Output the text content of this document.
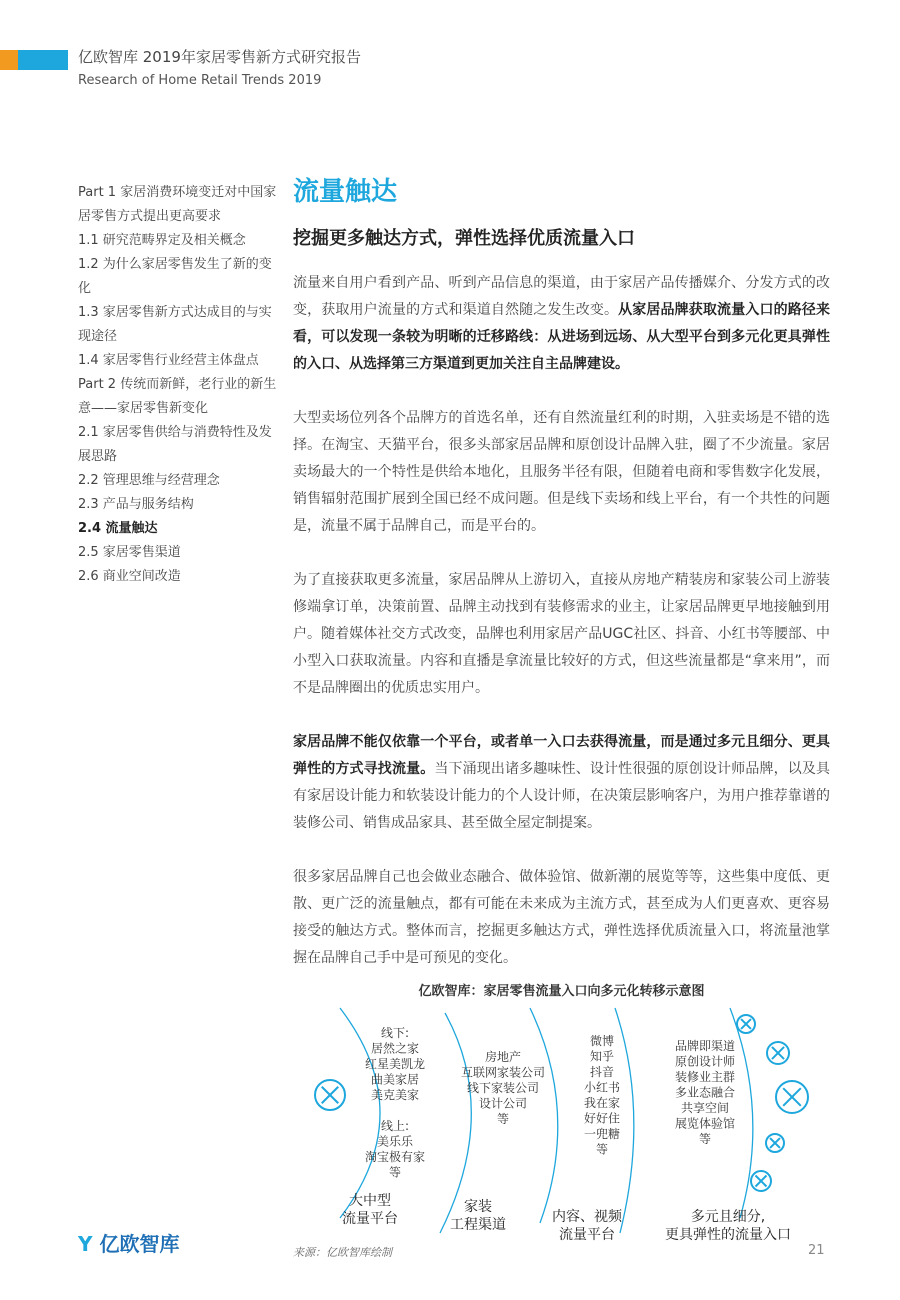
亿欧智库 2019年家居零售新方式研究报告
Research of Home Retail Trends 2019
Part 1 家居消费环境变迁对中国家居零售方式提出更高要求
1.1 研究范畴界定及相关概念
1.2 为什么家居零售发生了新的变化
1.3 家居零售新方式达成目的与实现途径
1.4 家居零售行业经营主体盘点
Part 2 传统而新鲜，老行业的新生意——家居零售新变化
2.1 家居零售供给与消费特性及发展思路
2.2 管理思维与经营理念
2.3 产品与服务结构
2.4 流量触达
2.5 家居零售渠道
2.6 商业空间改造
流量触达
挖掘更多触达方式，弹性选择优质流量入口

流量来自用户看到产品、听到产品信息的渠道，由于家居产品传播媒介、分发方式的改变，获取用户流量的方式和渠道自然随之发生改变。从家居品牌获取流量入口的路径来看，可以发现一条较为明晰的迁移路线：从进场到远场、从大型平台到多元化更具弹性的入口、从选择第三方渠道到更加关注自主品牌建设。

大型卖场位列各个品牌方的首选名单，还有自然流量红利的时期，入驻卖场是不错的选择。在淘宝、天猫平台，很多头部家居品牌和原创设计品牌入驻，圈了不少流量。家居卖场最大的一个特性是供给本地化，且服务半径有限，但随着电商和零售数字化发展，销售辐射范围扩展到全国已经不成问题。但是线下卖场和线上平台，有一个共性的问题是，流量不属于品牌自己，而是平台的。

为了直接获取更多流量，家居品牌从上游切入，直接从房地产精装房和家装公司上游装修端拿订单，决策前置、品牌主动找到有装修需求的业主，让家居品牌更早地接触到用户。随着媒体社交方式改变，品牌也利用家居产品UGC社区、抖音、小红书等腰部、中小型入口获取流量。内容和直播是拿流量比较好的方式，但这些流量都是“拿来用”，而不是品牌圈出的优质忠实用户。

家居品牌不能仅依靠一个平台，或者单一入口去获得流量，而是通过多元且细分、更具弹性的方式寻找流量。当下涌现出诸多趣味性、设计性很强的原创设计师品牌，以及具有家居设计能力和软装设计能力的个人设计师，在决策层影响客户，为用户推荐靠谱的装修公司、销售成品家具、甚至做全屋定制提案。

很多家居品牌自己也会做业态融合、做体验馆、做新潮的展览等等，这些集中度低、更散、更广泛的流量触点，都有可能在未来成为主流方式，甚至成为人们更喜欢、更容易接受的触达方式。整体而言，挖掘更多触达方式，弹性选择优质流量入口，将流量池掌握在品牌自己手中是可预见的变化。

亿欧智库：家居零售流量入口向多元化转移示意图
线下:
居然之家
红星美凯龙
曲美家居
美克美家
线上:
美乐乐
淘宝极有家
等
大中型
流量平台
房地产
互联网家装公司
线下家装公司
设计公司
等
家装
工程渠道
微博
知乎
抖音
小红书
我在家
好好住
一兜糖
等
内容、视频
流量平台
品牌即渠道
原创设计师
装修业主群
多业态融合
共享空间
展览体验馆
等
多元且细分,
更具弹性的流量入口
Y 亿欧智库	来源：亿欧智库绘制	21
